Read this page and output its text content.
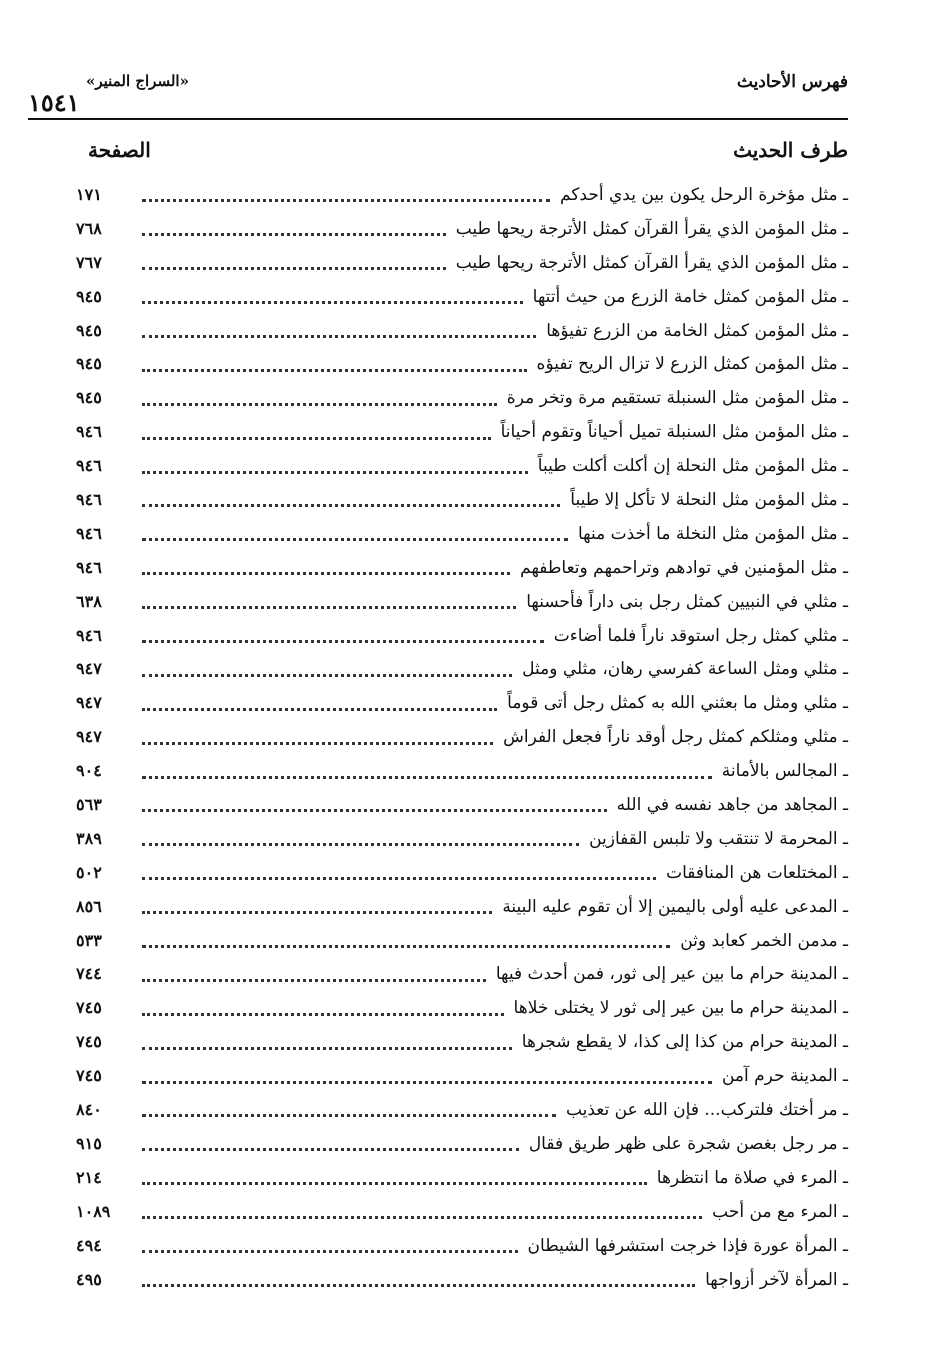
فهرس الأحاديث
«السراج المنير»
١٥٤١
طرف الحديث
الصفحة
ـ مثل مؤخرة الرحل يكون بين يدي أحدكم
١٧١
ـ مثل المؤمن الذي يقرأ القرآن كمثل الأترجة ريحها طيب
٧٦٨
ـ مثل المؤمن الذي يقرأ القرآن كمثل الأترجة ريحها طيب
٧٦٧
ـ مثل المؤمن كمثل خامة الزرع من حيث أتتها
٩٤٥
ـ مثل المؤمن كمثل الخامة من الزرع تفيؤها
٩٤٥
ـ مثل المؤمن كمثل الزرع لا تزال الريح تفيؤه
٩٤٥
ـ مثل المؤمن مثل السنبلة تستقيم مرة وتخر مرة
٩٤٥
ـ مثل المؤمن مثل السنبلة تميل أحياناً وتقوم أحياناً
٩٤٦
ـ مثل المؤمن مثل النحلة إن أكلت أكلت طيباً
٩٤٦
ـ مثل المؤمن مثل النحلة لا تأكل إلا طيباً
٩٤٦
ـ مثل المؤمن مثل النخلة ما أخذت منها
٩٤٦
ـ مثل المؤمنين في توادهم وتراحمهم وتعاطفهم
٩٤٦
ـ مثلي في النبيين كمثل رجل بنى داراً فأحسنها
٦٣٨
ـ مثلي كمثل رجل استوقد ناراً فلما أضاءت
٩٤٦
ـ مثلي ومثل الساعة كفرسي رهان، مثلي ومثل
٩٤٧
ـ مثلي ومثل ما بعثني الله به كمثل رجل أتى قوماً
٩٤٧
ـ مثلي ومثلكم كمثل رجل أوقد ناراً فجعل الفراش
٩٤٧
ـ المجالس بالأمانة
٩٠٤
ـ المجاهد من جاهد نفسه في الله
٥٦٣
ـ المحرمة لا تنتقب ولا تلبس القفازين
٣٨٩
ـ المختلعات هن المنافقات
٥٠٢
ـ المدعى عليه أولى باليمين إلا أن تقوم عليه البينة
٨٥٦
ـ مدمن الخمر كعابد وثن
٥٣٣
ـ المدينة حرام ما بين عير إلى ثور، فمن أحدث فيها
٧٤٤
ـ المدينة حرام ما بين عير إلى ثور لا يختلى خلاها
٧٤٥
ـ المدينة حرام من كذا إلى كذا، لا يقطع شجرها
٧٤٥
ـ المدينة حرم آمن
٧٤٥
ـ مر أختك فلتركب... فإن الله عن تعذيب
٨٤٠
ـ مر رجل بغصن شجرة على ظهر طريق فقال
٩١٥
ـ المرء في صلاة ما انتظرها
٢١٤
ـ المرء مع من أحب
١٠٨٩
ـ المرأة عورة فإذا خرجت استشرفها الشيطان
٤٩٤
ـ المرأة لآخر أزواجها
٤٩٥
